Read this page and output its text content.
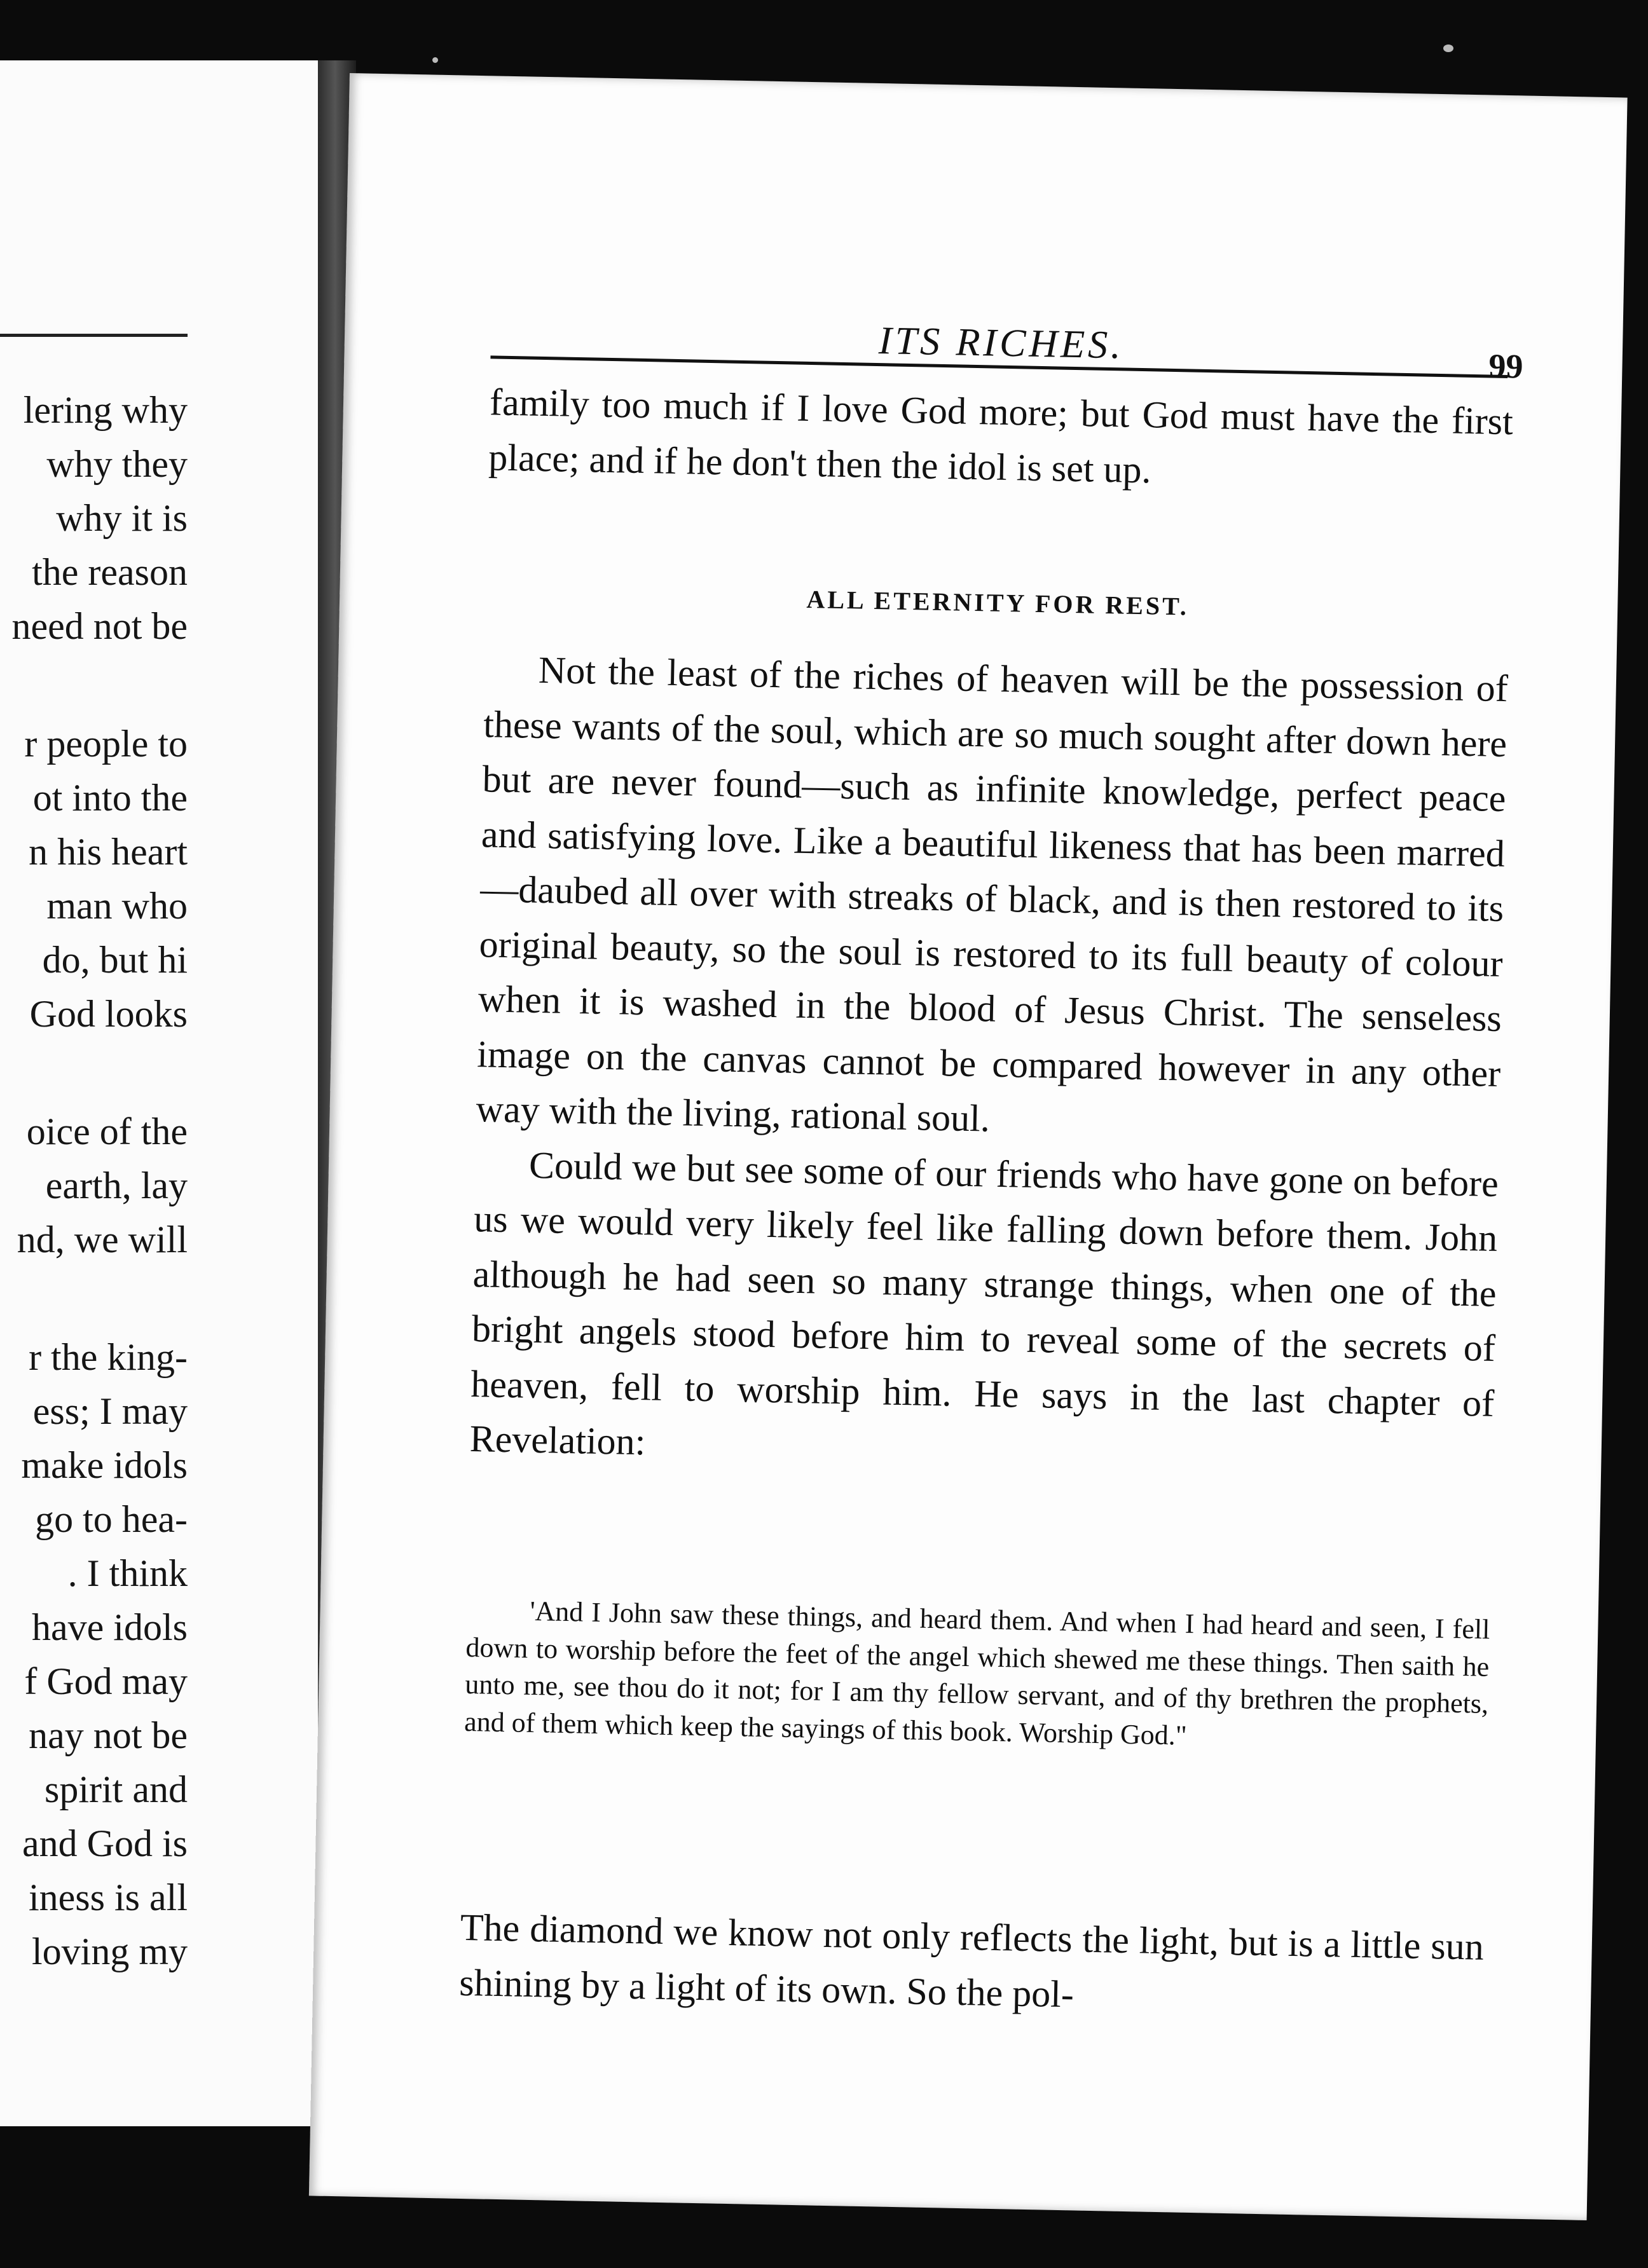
lering why
why they
why it is
the reason
need not be
r people to
ot into the
n his heart
man who
do, but hi
God looks
oice of the
earth, lay
nd, we will
r the king-
ess; I may
make idols
go to hea-
. I think
have idols
f God may
nay not be
spirit and
and God is
iness is all
loving my
ITS RICHES.	99

family too much if I love God more; but God must have the first place; and if he don't then the idol is set up.

ALL ETERNITY FOR REST.

Not the least of the riches of heaven will be the possession of these wants of the soul, which are so much sought after down here but are never found—such as infinite knowledge, perfect peace and satisfying love. Like a beautiful likeness that has been marred—daubed all over with streaks of black, and is then restored to its original beauty, so the soul is restored to its full beauty of colour when it is washed in the blood of Jesus Christ. The senseless image on the canvas cannot be compared however in any other way with the living, rational soul.

Could we but see some of our friends who have gone on before us we would very likely feel like falling down before them. John although he had seen so many strange things, when one of the bright angels stood before him to reveal some of the secrets of heaven, fell to worship him. He says in the last chapter of Revelation:

'And I John saw these things, and heard them. And when I had heard and seen, I fell down to worship before the feet of the angel which shewed me these things. Then saith he unto me, see thou do it not; for I am thy fellow servant, and of thy brethren the prophets, and of them which keep the sayings of this book. Worship God."

The diamond we know not only reflects the light, but is a little sun shining by a light of its own. So the pol-
